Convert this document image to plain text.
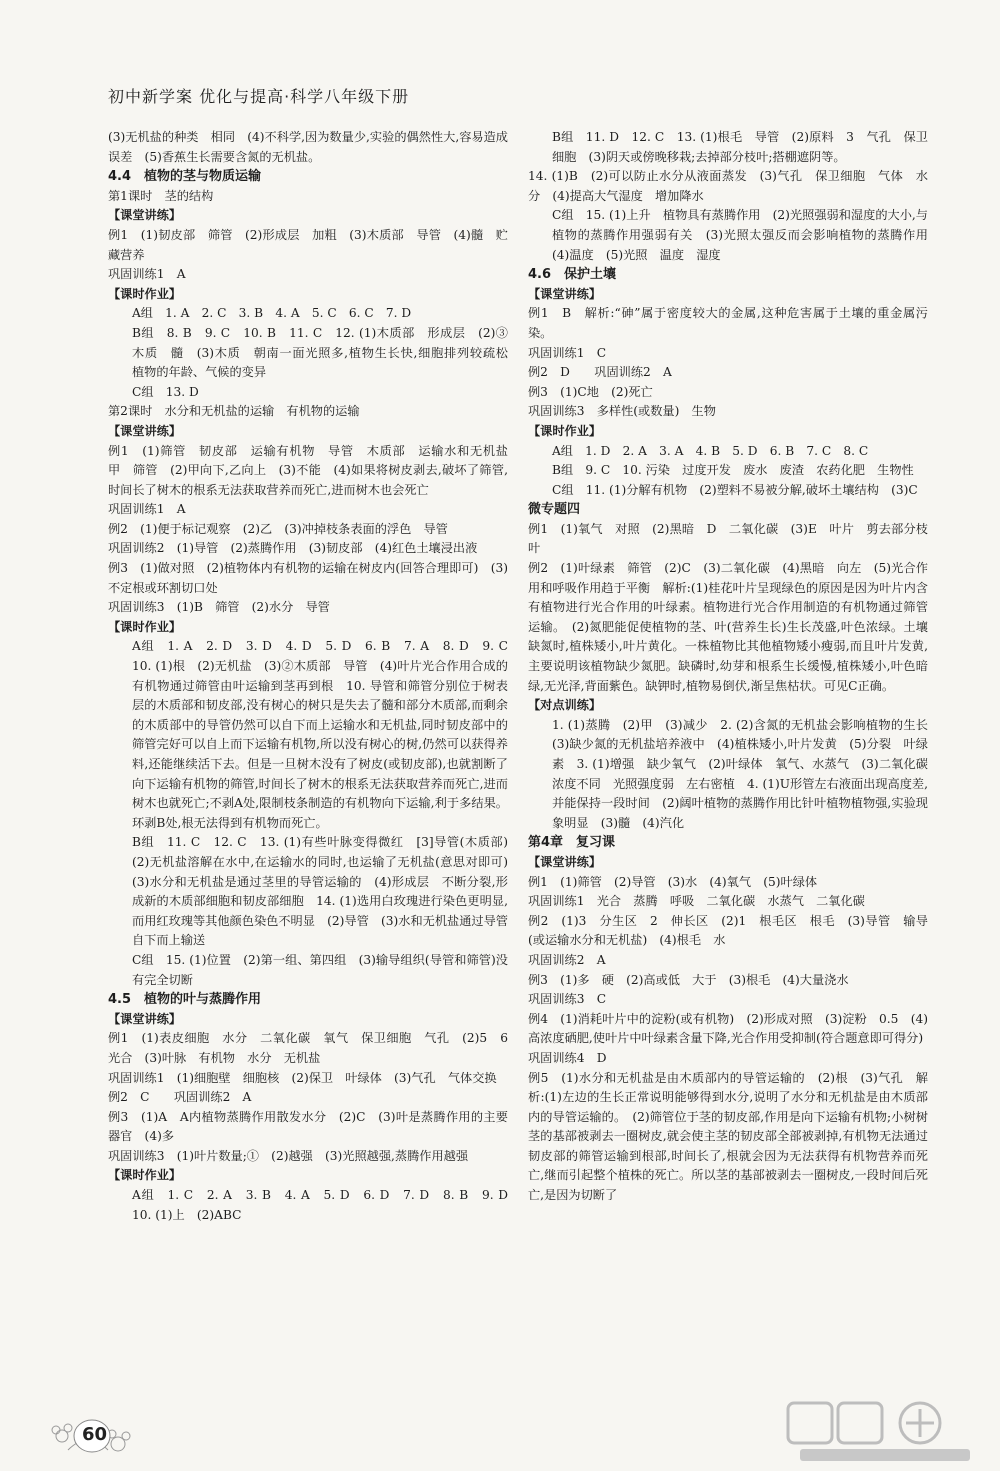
初中新学案 优化与提高·科学八年级下册

(3)无机盐的种类　相同　(4)不科学,因为数量少,实验的偶然性大,容易造成误差　(5)香蕉生长需要含氮的无机盐。

4.4　植物的茎与物质运输

第1课时　茎的结构

【课堂讲练】

例1　(1)韧皮部　筛管　(2)形成层　加粗　(3)木质部　导管　(4)髓　贮藏营养

巩固训练1　A

【课时作业】

A组　1. A　2. C　3. B　4. A　5. C　6. C　7. D

B组　8. B　9. C　10. B　11. C　12. (1)木质部　形成层　(2)③　木质　髓　(3)木质　朝南一面光照多,植物生长快,细胞排列较疏松　植物的年龄、气候的变异

C组　13. D

第2课时　水分和无机盐的运输　有机物的运输

【课堂讲练】

例1　(1)筛管　韧皮部　运输有机物　导管　木质部　运输水和无机盐　甲　筛管　(2)甲向下,乙向上　(3)不能　(4)如果将树皮剥去,破坏了筛管,时间长了树木的根系无法获取营养而死亡,进而树木也会死亡

巩固训练1　A

例2　(1)便于标记观察　(2)乙　(3)冲掉枝条表面的浮色　导管

巩固训练2　(1)导管　(2)蒸腾作用　(3)韧皮部　(4)红色土壤浸出液

例3　(1)做对照　(2)植物体内有机物的运输在树皮内(回答合理即可)　(3)不定根或环割切口处

巩固训练3　(1)B　筛管　(2)水分　导管

【课时作业】

A组　1. A　2. D　3. D　4. D　5. D　6. B　7. A　8. D　9. C　10. (1)根　(2)无机盐　(3)②木质部　导管　(4)叶片光合作用合成的有机物通过筛管由叶运输到茎再到根　10. 导管和筛管分别位于树表层的木质部和韧皮部,没有树心的树只是失去了髓和部分木质部,而剩余的木质部中的导管仍然可以自下而上运输水和无机盐,同时韧皮部中的筛管完好可以自上而下运输有机物,所以没有树心的树,仍然可以获得养料,还能继续活下去。但是一旦树木没有了树皮(或韧皮部),也就割断了向下运输有机物的筛管,时间长了树木的根系无法获取营养而死亡,进而树木也就死亡;不剥A处,限制枝条制造的有机物向下运输,利于多结果。环剥B处,根无法得到有机物而死亡。

B组　11. C　12. C　13. (1)有些叶脉变得微红　[3]导管(木质部)　(2)无机盐溶解在水中,在运输水的同时,也运输了无机盐(意思对即可)　(3)水分和无机盐是通过茎里的导管运输的　(4)形成层　不断分裂,形成新的木质部细胞和韧皮部细胞　14. (1)选用白玫瑰进行染色更明显,而用红玫瑰等其他颜色染色不明显　(2)导管　(3)水和无机盐通过导管自下而上输送

C组　15. (1)位置　(2)第一组、第四组　(3)输导组织(导管和筛管)没有完全切断

4.5　植物的叶与蒸腾作用

【课堂讲练】

例1　(1)表皮细胞　水分　二氧化碳　氧气　保卫细胞　气孔　(2)5　6　光合　(3)叶脉　有机物　水分　无机盐

巩固训练1　(1)细胞壁　细胞核　(2)保卫　叶绿体　(3)气孔　气体交换

例2　C　　巩固训练2　A

例3　(1)A　A内植物蒸腾作用散发水分　(2)C　(3)叶是蒸腾作用的主要器官　(4)多

巩固训练3　(1)叶片数量;①　(2)越强　(3)光照越强,蒸腾作用越强

【课时作业】

A组　1. C　2. A　3. B　4. A　5. D　6. D　7. D　8. B　9. D　10. (1)上　(2)ABC

B组　11. D　12. C　13. (1)根毛　导管　(2)原料　3　气孔　保卫细胞　(3)阴天或傍晚移栽;去掉部分枝叶;搭棚遮阴等。

14. (1)B　(2)可以防止水分从液面蒸发　(3)气孔　保卫细胞　气体　水分　(4)提高大气湿度　增加降水

C组　15. (1)上升　植物具有蒸腾作用　(2)光照强弱和湿度的大小,与植物的蒸腾作用强弱有关　(3)光照太强反而会影响植物的蒸腾作用　(4)温度　(5)光照　温度　湿度

4.6　保护土壤

【课堂讲练】

例1　B　解析:“砷”属于密度较大的金属,这种危害属于土壤的重金属污染。

巩固训练1　C

例2　D　　巩固训练2　A

例3　(1)C地　(2)死亡

巩固训练3　多样性(或数量)　生物

【课时作业】

A组　1. D　2. A　3. A　4. B　5. D　6. B　7. C　8. C

B组　9. C　10. 污染　过度开发　废水　废渣　农药化肥　生物性

C组　11. (1)分解有机物　(2)塑料不易被分解,破坏土壤结构　(3)C

微专题四

例1　(1)氧气　对照　(2)黑暗　D　二氧化碳　(3)E　叶片　剪去部分枝叶

例2　(1)叶绿素　筛管　(2)C　(3)二氧化碳　(4)黑暗　向左　(5)光合作用和呼吸作用趋于平衡　解析:(1)桂花叶片呈现绿色的原因是因为叶片内含有植物进行光合作用的叶绿素。植物进行光合作用制造的有机物通过筛管运输。　(2)氮肥能促使植物的茎、叶(营养生长)生长茂盛,叶色浓绿。土壤缺氮时,植株矮小,叶片黄化。一株植物比其他植物矮小瘦弱,而且叶片发黄,主要说明该植物缺少氮肥。缺磷时,幼芽和根系生长缓慢,植株矮小,叶色暗绿,无光泽,背面紫色。缺钾时,植物易倒伏,渐呈焦枯状。可见C正确。

【对点训练】

1. (1)蒸腾　(2)甲　(3)减少　2. (2)含氮的无机盐会影响植物的生长　(3)缺少氮的无机盐培养液中　(4)植株矮小,叶片发黄　(5)分裂　叶绿素　3. (1)增强　缺少氧气　(2)叶绿体　氧气、水蒸气　(3)二氧化碳浓度不同　光照强度弱　左右密植　4. (1)U形管左右液面出现高度差,并能保持一段时间　(2)阔叶植物的蒸腾作用比针叶植物植物强,实验现象明显　(3)髓　(4)汽化

第4章　复习课

【课堂讲练】

例1　(1)筛管　(2)导管　(3)水　(4)氧气　(5)叶绿体

巩固训练1　光合　蒸腾　呼吸　二氧化碳　水蒸气　二氧化碳

例2　(1)3　分生区　2　伸长区　(2)1　根毛区　根毛　(3)导管　输导(或运输水分和无机盐)　(4)根毛　水

巩固训练2　A

例3　(1)多　硬　(2)高或低　大于　(3)根毛　(4)大量浇水

巩固训练3　C

例4　(1)消耗叶片中的淀粉(或有机物)　(2)形成对照　(3)淀粉　0.5　(4)高浓度硒肥,使叶片中叶绿素含量下降,光合作用受抑制(符合题意即可得分)

巩固训练4　D

例5　(1)水分和无机盐是由木质部内的导管运输的　(2)根　(3)气孔　解析:(1)左边的生长正常说明能够得到水分,说明了水分和无机盐是由木质部内的导管运输的。　(2)筛管位于茎的韧皮部,作用是向下运输有机物;小树树茎的基部被剥去一圈树皮,就会使主茎的韧皮部全部被剥掉,有机物无法通过韧皮部的筛管运输到根部,时间长了,根就会因为无法获得有机物营养而死亡,继而引起整个植株的死亡。所以茎的基部被剥去一圈树皮,一段时间后死亡,是因为切断了

60
